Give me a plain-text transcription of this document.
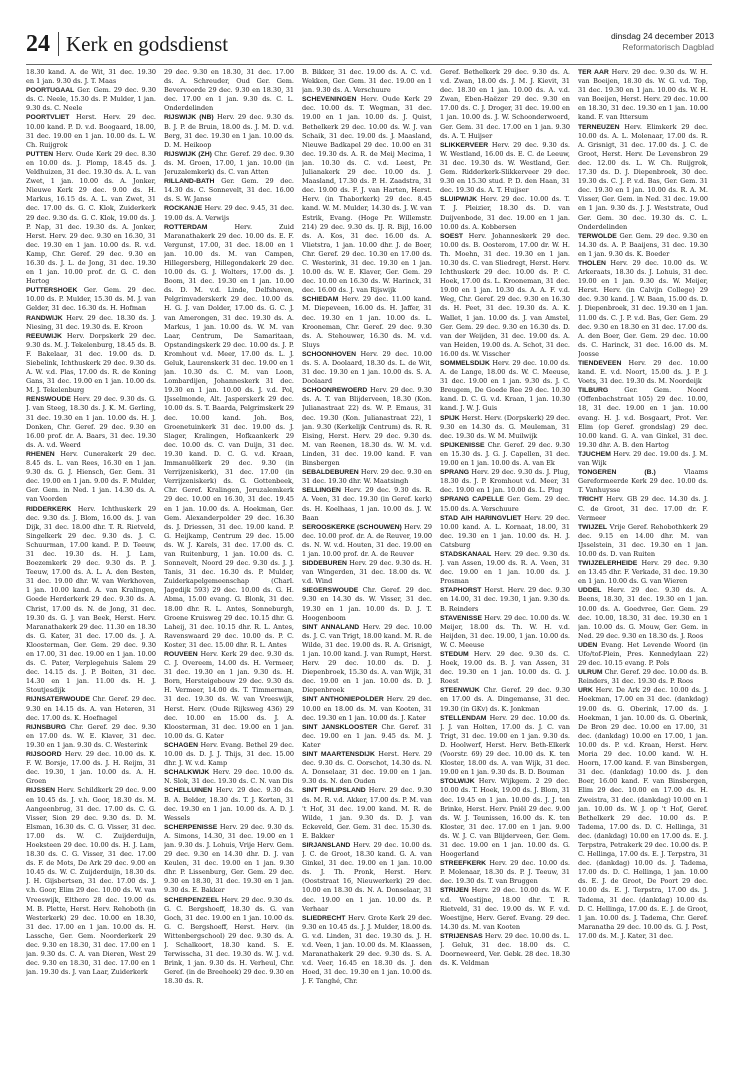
24 Kerk en godsdienst	dinsdag 24 december 2013
Reformatorisch Dagblad

18.30 kand. A. de Wit, 31 dec. 19.30 en 1 jan. 9.30 ds. J. T. Maas

POORTUGAAL Ger. Gem. 29 dec. 9.30 ds. C. Neele, 15.30 ds. P. Mulder, 1 jan. 9.30 ds. C. Neele

POORTVLIET Herst. Herv. 29 dec. 10.00 kand. P. D. v.d. Boogaard, 18.00, 31 dec. 19.00 en 1 jan. 10.00 ds. L. W. Ch. Ruijgrok

PUTTEN Herv. Oude Kerk 29 dec. 8.30 en 10.00 ds. J. Plomp, 18.45 ds. J. Veldhuizen, 31 dec. 19.30 ds. A. L. van Zwet, 1 jan. 10.00 ds. A. Jonker, Nieuwe Kerk 29 dec. 9.00 ds. H. Markus, 16.15 ds. A. L. van Zwet, 31 dec. 17.00 ds. G. C. Klok, Zuiderkerk 29 dec. 9.30 ds. G. C. Klok, 19.00 ds. J. P. Nap, 31 dec. 19.30 ds. A. Jonker, Herst. Herv. 29 dec. 9.30 en 16.30, 31 dec. 19.30 en 1 jan. 10.00 ds. R. v.d. Kamp, Chr. Geref. 29 dec. 9.30 en 16.30 ds. J. L. de Jong, 31 dec. 19.30 en 1 jan. 10.00 prof. dr. G. C. den Hertog

PUTTERSHOEK Ger. Gem. 29 dec. 10.00 ds. P. Mulder, 15.30 ds. M. J. van Gelder, 31 dec. 16.30 ds. H. Hofman

RANDWIJK Herv. 29 dec. 18.30 ds. J. Niesing, 31 dec. 19.30 ds. E. Kroon

REEUWIJK Herv. Dorpskerk 29 dec. 9.30 ds. M. J. Tekelenburg, 18.45 ds. B. F. Bakelaar, 31 dec. 19.00 ds. D. Siebelink, Ichthuskerk 29 dec. 9.30 ds. A. W. v.d. Plas, 17.00 ds. R. de Koning Gans, 31 dec. 19.00 en 1 jan. 10.00 ds. M. J. Tekelenburg

RENSWOUDE Herv. 29 dec. 9.30 ds. G. J. van Steeg, 18.30 ds. J. K. M. Gerling, 31 dec. 19.30 en 1 jan. 10.00 ds. H. J. Donken, Chr. Geref. 29 dec. 9.30 en 16.00 prof. dr. A. Baars, 31 dec. 19.30 ds. A. v.d. Weerd

RHENEN Herv. Cunerakerk 29 dec. 8.45 ds. L. van Rees, 16.30 en 1 jan. 9.30 ds. G. J. Hiensch, Ger. Gem. 31 dec. 19.00 en 1 jan. 9.00 ds. F. Mulder, Ger. Gem. in Ned. 1 jan. 14.30 ds. A. van Voorden

RIDDERKERK Herv. Ichthuskerk 29 dec. 9.30 ds. J. Blom, 16.00 ds. J. van Dijk, 31 dec. 18.00 dhr. T. R. Rietveld, Singelkerk 29 dec. 9.30 ds. J. C. Schuurman, 17.00 kand. P. D. Teeuw, 31 dec. 19.30 ds. H. J. Lam, Boezemkerk 29 dec. 9.30 ds. P. J. Teeuw, 17.00 ds. A. L. A. den Besten, 31 dec. 19.00 dhr. W. van Werkhoven, 1 jan. 10.00 kand. A. van Kralingen, Goede Herderkerk 29 dec. 9.30 ds. A. Christ, 17.00 ds. N. de Jong, 31 dec. 19.30 ds. G. J. van Beek, Herst. Herv. Maranathakerk 29 dec. 11.30 en 18.30 ds. G. Kater, 31 dec. 17.00 ds. J. A. Kloosterman, Ger. Gem. 29 dec. 9.30 en 17.00, 31 dec. 19.00 en 1 jan. 10.00 ds. C. Pater, Verplegehuis Salem 29 dec. 14.15 ds. J. P. Boiten, 31 dec. 14.30 en 1 jan. 11.00 ds. H. J. Stoutjesdijk

RIJNSATERWOUDE Chr. Geref. 29 dec. 9.30 en 14.15 ds. A. van Heteren, 31 dec. 17.00 ds. K. Hoefnagel

RIJNSBURG Chr. Geref. 29 dec. 9.30 en 17.00 ds. W. E. Klaver, 31 dec. 19.30 en 1 jan. 9.30 ds. C. Westerink

RIJSOORD Herv. 29 dec. 10.00 ds. K. F. W. Borsje, 17.00 ds. J. H. Reijm, 31 dec. 19.30, 1 jan. 10.00 ds. A. H. Groen

RIJSSEN Herv. Schildkerk 29 dec. 9.00 en 10.45 ds. J. v.h. Goor, 18.30 ds. M. Aangeenbrug, 31 dec. 17.00 ds. C. G. Visser, Sion 29 dec. 9.30 ds. D. M. Elsman, 16.30 ds. C. G. Visser, 31 dec. 17.00 ds. W. C. Zuijderduijn, Hoeksteen 29 dec. 10.00 ds. H. J. Lam, 18.30 ds. C. G. Visser, 31 dec. 17.00 ds. F. de Mots, De Ark 29 dec. 9.00 en 10.45 ds. W. C. Zuijderduijn, 18.30 ds. J. H. Gijsbertsen, 31 dec. 17.00 ds. J. v.h. Goor, Elim 29 dec. 10.00 ds. W. van Vreeswijk, Elthero 28 dec. 19.00 ds. M. B. Plette, Herst. Herv. Rehoboth (in Westerkerk) 29 dec. 10.00 en 18.30, 31 dec. 17.00 en 1 jan. 10.00 ds. H. Lassche, Ger. Gem. Noorderkerk 29 dec. 9.30 en 18.30, 31 dec. 17.00 en 1 jan. 9.30 ds. C. A. van Dieren, West 29 dec. 9.30 en 18.30, 31 dec. 17.00 en 1 jan. 19.30 ds. J. van Laar, Zuiderkerk

29 dec. 9.30 en 18.30, 31 dec. 17.00 ds. A. Schreuder, Oud Ger. Gem. Bevervoorde 29 dec. 9.30 en 18.30, 31 dec. 17.00 en 1 jan. 9.30 ds. C. L. Onderdelinden

RIJSWIJK (NB) Herv. 29 dec. 9.30 ds. B. J. P. de Bruin, 18.00 ds. J. M. D. v.d. Berg, 31 dec. 19.30 en 1 jan. 10.00 ds. D. M. Heikoop

RIJSWIJK (ZH) Chr. Geref. 29 dec. 9.30 ds. M. Groen, 17.00, 1 jan. 10.00 (in Jeruzalemkerk) ds. C. van Atten

RILLAND-BATH Ger. Gem. 29 dec. 14.30 ds. C. Sonnevelt, 31 dec. 16.00 ds. S. W. Janse

ROCKANJE Herv. 29 dec. 9.45, 31 dec. 19.00 ds. A. Verwijs

ROTTERDAM	Herv. Zuid Maranathakerk 29 dec. 10.00 ds. E. F. Vergunst, 17.00, 31 dec. 18.00 en 1 jan. 10.00 ds. M. van Campen, Hillegersberg, Hillegondakerk 29 dec. 10.00 ds. G. J. Wolters, 17.00 ds. J. Boom, 31 dec. 19.30 en 1 jan. 10.00 ds. D. M. v.d. Linde, Delfshaven, Pelgrimvaderskerk 29 dec. 10.00 ds. H. G. J. van Dolder, 17.00 ds. G. C. J. van Amerongen, 31 dec. 19.30 ds. A. Markus, 1 jan. 10.00 ds. W. M. van Laar, Centrum, De Samaritaan, Opstandingskerk 29 dec. 10.00 ds. J. P. Kromhout v.d. Meer, 17.00 ds. L. J. Geluk, Laurenskerk 31 dec. 19.00 en 1 jan. 10.30 ds. C. M. van Loon, Lombardijen, Johanneskerk 31 dec. 19.30 en 1 jan. 10.00 ds. J. v.d. Pol, IJsselmonde, Alt. Jasperskerk 29 dec. 10.00 ds. S. T. Baarda, Pelgrimskerk 29 dec. 10.00 kand. Joh. Bos, Groenetuinkerk 31 dec. 19.00 ds. J. Slager, Kralingen, Hofkaankerk 29 dec. 10.00 ds. C. van Duijn, 31 dec. 19.30 kand. D. C. G. v.d. Kraan, Immanuëlkerk 29 dec. 9.30 (in Verrijzeniskerk), 31 dec. 17.00 (in Verrijzeniskerk) ds. G. Gottenbeek, Chr. Geref. Kralingen, Jeruzalemkerk 29 dec. 10.00 en 16.30, 31 dec. 19.45 en 1 jan. 10.00 ds. A. Hoekman, Ger. Gem. Alexanderpolder 29 dec. 16.30 ds. J. Driessen, 31 dec. 19.00 kand. P. G. Heijkamp, Centrum 29 dec. 15.00 ds. W. J. Karels, 31 dec. 17.00 ds. C. van Ruitenburg, 1 jan. 10.00 ds. C. Sonnevelt, Noord 29 dec. 9.30 ds. J. J. Tanis, 31 dec. 16.30 ds. P. Mulder, Zuiderkapelgemeenschap (Charl. Jagedijk 593) 29 dec. 10.00 ds. G. H. Abma, 15.00 evang. G. Blonk, 31 dec. 18.00 dhr. R. L. Antes, Sonneburgh, Groene Kruisweg 29 dec. 10.15 dhr. G. Laheij, 31 dec. 10.15 dhr. R. L. Antes, Ravenswaard 29 dec. 10.00 ds. P. C. Koster, 31 dec. 15.00 dhr. R. L. Antes

ROUVEEN Herv. Kerk 29 dec. 9.30 ds. C. J. Overeem, 14.00 ds. H. Vermeer, 31 dec. 19.30 en 1 jan. 9.30 ds. H. Born, Hersteigebouw 29 dec. 9.30 ds. H. Vermeer, 14.00 ds. T. Timmerman, 31 dec. 19.30 ds. W. van Vreeswijk, Herst. Herv. (Oude Rijksweg 436) 29 dec. 10.00 en 15.00 ds. J. A. Kloosterman, 31 dec. 19.00 en 1 jan. 10.00 ds. G. Kater

SCHAGEN Herv. Evang. Bethel 29 dec. 10.00 ds. D. J. J. Thijs, 31 dec. 15.00 dhr. J. W. v.d. Kamp

SCHALKWIJK Herv. 29 dec. 10.00 ds. N. Slok, 31 dec. 19.30 ds. C. N. van Dis

SCHELLUINEN Herv. 29 dec. 9.30 ds. B. A. Belder, 18.30 ds. T. J. Korten, 31 dec. 19.30 en 1 jan. 10.00 ds. A. D. J. Wessels

SCHERPENISSE Herv. 29 dec. 9.30 ds. A. Simons, 14.30, 31 dec. 19.00 en 1 jan. 9.30 ds. J. Lohuis, Vrije Herv. Gem. 29 dec. 9.30 en 14.30 dhr. D. J. van Keulen, 31 dec. 19.00 en 1 jan. 9.30 dhr. P. Lissenburg, Ger. Gem. 29 dec. 9.30 en 18.30, 31 dec. 19.30 en 1 jan. 9.30 ds. E. Bakker

SCHERPENZEEL Herv. 29 dec. 9.30 ds. G. C. Bergshoeff, 18.30 ds. G. van Goch, 31 dec. 19.00 en 1 jan. 10.00 ds. G. C. Bergshoeff, Herst. Herv. (in Wittenbergschool) 29 dec. 9.30 ds. A. J. Schalkoort, 18.30 kand. S. E. Terwisscha, 31 dec. 19.30 ds. W. J. v.d. Brink, 1 jan. 9.30 ds. H. Verheul, Chr. Geref. (in de Breehoek) 29 dec. 9.30 en 18.30 ds. R.

B. Bikker, 31 dec. 19.00 ds. A. C. v.d. Wekken, Ger. Gem. 31 dec. 19.00 en 1 jan. 9.30 ds. A. Verschuure

SCHEVENINGEN Herv. Oude Kerk 29 dec. 10.00 ds. T. Wegman, 31 dec. 19.00 en 1 jan. 10.00 ds. J. Quist, Bethelkerk 29 dec. 10.00 ds. W. J. van Schaik, 31 dec. 19.00 ds. J. Maasland, Nieuwe Badkapel 29 dec. 10.00 en 31 dec. 19.30 ds. A. R. de Meij Mecima, 1 jan. 10.30 ds. C. v.d. Leest, Pr. Julianakerk 29 dec. 10.00 ds. J. Maasland, 17.30 ds. P. H. Zaadstra, 31 dec. 19.00 ds. F. J. van Harten, Herst. Herv. (in Thaborkerk) 29 dec. 8.45 kand. W. M. Mulder, 14.30 ds. J. W. van Estrik, Evang. (Hoge Pr. Willemstr. 214) 29 dec. 9.30 ds. IJ. R. Bijl, 16.00 ds. A. Kos, 31 dec. 16.00 ds. A. Vlietstra, 1 jan. 10.00 dhr. J. de Boer, Chr. Geref. 29 dec. 10.30 en 17.00 ds. C. Westerink, 31 dec. 19.30 en 1 jan. 10.00 ds. W. E. Klaver, Ger. Gem. 29 dec. 10.00 en 16.30 ds. W. Harinck, 31 dec. 16.00 ds. J. van Rijswijk

SCHIEDAM Herv. 29 dec. 11.00 kand. M. Diepeveen, 16.00 ds. H. Jaffer, 31 dec. 19.30 en 1 jan. 10.00 ds. L. Krooneman, Chr. Geref. 29 dec. 9.30 ds. A. Stehouwer, 16.30 ds. M. v.d. Sluys

SCHOONHOVEN Herv. 29 dec. 10.00 ds. S. A. Doolaard, 18.30 ds. L. de Wit, 31 dec. 19.30 en 1 jan. 10.00 ds. S. A. Doolaard

SCHOONREWOERD Herv. 29 dec. 9.30 ds. A. T. van Blijderveen, 18.30 (Kon. Julianastraat 22) ds. W. P. Emaus, 31 dec. 19.30 (Kon. Julianastraat 22), 1 jan. 9.30 (Kerkelijk Centrum) ds. R. R. Eising, Herst. Herv. 29 dec. 9.30 ds. M. van Reenen, 18.30 ds. W. M. v.d. Linden, 31 dec. 19.00 kand. F. van Binsbergen

SEBALDEBUREN Herv. 29 dec. 9.30 en 31 dec. 19.30 dhr. W. Maatsingh

SELLINGEN Herv. 29 dec. 9.30 ds. R. A. Veen, 31 dec. 19.30 (in Geref. kerk) ds. H. Koelhaas, 1 jan. 10.00 ds. J. W. Baan

SEROOSKERKE (SCHOUWEN) Herv. 29 dec. 10.00 prof. dr. A. de Reuver, 19.00 ds. N. W. v.d. Houten, 31 dec. 19.00 en 1 jan. 10.00 prof. dr. A. de Reuver

SIDDEBUREN Herv. 29 dec. 9.30 ds. H. van Wingerden, 31 dec. 18.00 ds. W. v.d. Wind

SIEGERSWOUDE Chr. Geref. 29 dec. 9.30 en 14.30 ds. W. Visser, 31 dec. 19.30 en 1 jan. 10.00 ds. D. J. T. Hoogenboom

SINT ANNALAND Herv. 29 dec. 10.00 ds. J. C. van Trigt, 18.00 kand. M. R. de Wilde, 31 dec. 19.00 ds. R. A. Grisnigt, 1 jan. 10.00 kand. J. van Rumpt, Herst. Herv. 29 dec. 10.00 ds. D. J. Diepenbroek, 15.30 ds. A. van Wijk, 31 dec. 19.00 en 1 jan. 10.00 ds. D. J. Diepenbroek

SINT ANTHONIEPOLDER Herv. 29 dec. 10.00 en 18.00 ds. M. van Kooten, 31 dec. 19.30 en 1 jan. 10.00 ds. J. Kater

SINT JANSKLOOSTER Chr. Geref. 31 dec. 19.00 en 1 jan. 9.45 ds. M. J. Kater

SINT MAARTENSDIJK Herst. Herv. 29 dec. 9.30 ds. C. Oorschot, 14.30 ds. N. A. Donselaar, 31 dec. 19.00 en 1 jan. 9.30 ds. N. den Ouden

SINT PHILIPSLAND Herv. 29 dec. 9.30 ds. M. R. v.d. Akker, 17.00 ds. P. M. van 't Hof, 31 dec. 19.00 kand. M. R. de Wilde, 1 jan. 9.30 ds. D. J. van Eckeveld, Ger. Gem. 31 dec. 15.30 ds. E. Bakker

SIRJANSLAND Herv. 29 dec. 10.00 ds. J. C. de Groot, 18.30 kand. G. A. van Ginkel, 31 dec. 19.00 en 1 jan. 10.00 ds. J. Th. Pronk, Herst. Herv. (Ooststraat 16, Nieuwerkerk) 29 dec. 10.00 en 18.30 ds. N. A. Donselaar, 31 dec. 19.00 en 1 jan. 10.00 ds. P. Verhaar

SLIEDRECHT Herv. Grote Kerk 29 dec. 9.30 en 10.45 ds. J. J. Mulder, 18.00 ds. G. v.d. Linden, 31 dec. 19.30 ds. J. H. v.d. Veen, 1 jan. 10.00 ds. M. Klaassen, Maranathakerk 29 dec. 9.30 ds. S. A. v.d. Veer, 16.45 en 18.30 ds. J. den Hoed, 31 dec. 19.30 en 1 jan. 10.00 ds. J. F. Tanghé, Chr.

Geref. Bethelkerk 29 dec. 9.30 ds. A. v.d. Zwan, 18.00 ds. J. M. J. Kievit, 31 dec. 18.30 en 1 jan. 10.00 ds. A. v.d. Zwan, Eben-Haëzer 29 dec. 9.30 en 17.00 ds. C. J. Droger, 31 dec. 19.00 en 1 jan. 10.00 ds. J. W. Schoonderwoerd, Ger. Gem. 31 dec. 17.00 en 1 jan. 9.30 ds. A. T. Huijser

SLIKKERVEER Herv. 29 dec. 9.30 ds. W. Westland, 16.00 ds. E. C. de Leeuw, 31 dec. 19.30 ds. W. Westland, Ger. Gem. Ridderkerk-Slikkerveer 29 dec. 9.30 en 15.30 stud. P. D. den Haan, 31 dec. 19.30 ds. A. T. Huijser

SLUIPWIJK Herv. 29 dec. 10.00 ds. T. T. J. Pleizier, 18.30 ds. D. van Duijvenbode, 31 dec. 19.00 en 1 jan. 10.00 ds. A. Kobbersen

SOEST Herv. Johanneskerk 29 dec. 10.00 ds. B. Oosterom, 17.00 dr. W. H. Th. Moehn, 31 dec. 19.30 en 1 jan. 10.30 ds. C. van Sliedregt, Herst. Herv. Ichthuskerk 29 dec. 10.00 ds. P. C. Hoek, 17.00 ds. L. Krooneman, 31 dec. 19.00 en 1 jan. 10.30 ds. A. A. F. v.d. Weg, Chr. Geref. 29 dec. 9.30 en 16.30 ds. H. Peet, 31 dec. 19.30 ds. A. K. Wallet, 1 jan. 10.00 ds. J. van Amstel, Ger. Gem. 29 dec. 9.30 en 16.30 ds. D. van der Weijden, 31 dec. 19.00 ds. A. van Heiden, 19.00 ds. A. Schot, 31 dec. 16.00 ds. W. Visscher

SOMMELSDIJK Herv. 29 dec. 10.00 ds. A. de Lange, 18.00 ds. W. C. Meeuse, 31 dec. 19.00 en 1 jan. 9.30 ds. J. C. Breugem, De Goede Ree 29 dec. 10.30 kand. D. C. G. v.d. Kraan, 1 jan. 10.30 kand. J. W. J. Guis

SPIJK Herst. Herv. (Dorpskerk) 29 dec. 9.30 en 14.30 ds. G. Meuleman, 31 dec. 19.30 ds. W. M. Muilwijk

SPIJKENISSE Chr. Geref. 29 dec. 9.30 en 15.30 ds. J. G. J. Capellen, 31 dec. 19.00 en 1 jan. 10.00 ds. A. van Ek

SPRANG Herv. 29 dec. 9.30 ds. J. Plug, 18.30 ds. J. P. Kromhout v.d. Meer, 31 dec. 19.00 en 1 jan. 10.00 ds. L. Plug

SPRANG CAPELLE Ger. Gem. 29 dec. 15.00 ds. A. Verschuure

STAD A/H HARINGVLIET Herv. 29 dec. 10.00 kand. A. L. Kornaat, 18.00, 31 dec. 19.30 en 1 jan. 10.00 ds. H. J. Catsburg

STADSKANAAL Herv. 29 dec. 9.30 ds. J. van Assen, 19.00 ds. R. A. Veen, 31 dec. 19.00 en 1 jan. 10.00 ds. J. Prosman

STAPHORST Herst. Herv. 29 dec. 9.30 en 14.00, 31 dec. 19.30, 1 jan. 9.30 ds. B. Reinders

STAVENISSE Herv. 29 dec. 10.00 ds. W. Meijer, 18.00 ds. Th. W. H. v.d. Heijden, 31 dec. 19.00, 1 jan. 10.00 ds. W. C. Meeuse

STEDUM Herv. 29 dec. 9.30 ds. C. Hoek, 19.00 ds. B. J. van Assen, 31 dec. 19.30 en 1 jan. 10.00 ds. G. J. Roest

STEENWIJK Chr. Geref. 29 dec. 9.30 en 17.00 ds. A. Dingemanse, 31 dec. 19.30 (in GKv) ds. K. Jonkman

STELLENDAM Herv. 29 dec. 10.00 ds. J. J. van Holten, 17.00 ds. J. C. van Trigt, 31 dec. 19.00 en 1 jan. 9.30 ds. D. Hoolwerf, Herst. Herv. Beth-Elkerk (Voorstr. 69) 29 dec. 10.00 ds. K. ten Kloster, 18.00 ds. A. van Wijk, 31 dec. 19.00 en 1 jan. 9.30 ds. B. D. Bouman

STOLWIJK Herv. Wijkgem. 2 29 dec. 10.00 ds. T. Hoek, 19.00 ds. J. Blom, 31 dec. 19.45 en 1 jan. 10.00 ds. J. J. ten Brinke, Herst. Herv. Pniël 29 dec. 9.00 ds. W. J. Teunissen, 16.00 ds. K. ten Kloster, 31 dec. 17.00 en 1 jan. 9.00 ds. W. J. C. van Blijderveen, Ger. Gem. 31 dec. 19.00 en 1 jan. 10.00 ds. G. Hoogerland

STREEFKERK Herv. 29 dec. 10.00 ds. P. Molenaar, 18.30 ds. P. J. Teeuw, 31 dec. 19.30 ds. T. van Bruggen

STRIJEN Herv. 29 dec. 10.00 ds. W. F. v.d. Woestijne, 18.00 dhr. T. R. Rietveld, 31 dec. 19.00 ds. W. F. v.d. Woestijne, Herv. Geref. Evang. 29 dec. 14.30 ds. M. van Kooten

STRIJENSAS Herv. 29 dec. 10.00 ds. L. J. Geluk, 31 dec. 18.00 ds. C. Doorneweerd, Ver. Gebk. 28 dec. 18.30 ds. K. Veldman

TER AAR Herv. 29 dec. 9.30 ds. W. H. van Boeijen, 18.30 ds. W. G. v.d. Top, 31 dec. 19.30 en 1 jan. 10.00 ds. W. H. van Boeijen, Herst. Herv. 29 dec. 10.00 en 18.30, 31 dec. 19.30 en 1 jan. 10.00 kand. F. van Ittersum

TERNEUZEN Herv. Elimkerk 29 dec. 10.00 ds. A. L. Molenaar, 17.00 ds. R. A. Grisnigt, 31 dec. 17.00 ds. J. C. de Groot, Herst. Herv. De Levensbron 29 dec. 12.00 ds. L. W. Ch. Ruijgrok, 17.30 ds. D. J. Diepenbroek, 30 dec. 19.30 ds. C. J. P. v.d. Bas, Ger. Gem. 31 dec. 19.30 en 1 jan. 10.00 ds. R. A. M. Visser, Ger. Gem. in Ned. 31 dec. 19.00 en 1 jan. 9.30 ds. J. J. Weststrate, Oud Ger. Gem. 30 dec. 19.30 ds. C. L. Onderdelinden

TERWOLDE Ger. Gem. 29 dec. 9.30 en 14.30 ds. A. P. Baaijens, 31 dec. 19.30 en 1 jan. 9.30 ds. K. Boeder

THOLEN Herv. 29 dec. 10.00 ds. W. Arkeraats, 18.30 ds. J. Lohuis, 31 dec. 19.00 en 1 jan. 9.30 ds. W. Meijer, Herst. Herv. (in Calvijn College) 29 dec. 9.30 kand. J. W. Baan, 15.00 ds. D. J. Diepenbroek, 31 dec. 19.30 en 1 jan. 11.00 ds. C. J. P. v.d. Bas, Ger. Gem. 29 dec. 9.30 en 18.30 en 31 dec. 17.00 ds. A. den Boer, Ger. Gem. 29 dec. 10.00 ds. C. Harinck, 31 dec. 16.00 ds. M. Joosse

TIENDEVEEN Herv. 29 dec. 10.00 kand. E. v.d. Noort, 15.00 ds. J. P. J. Voets, 31 dec. 19.30 ds. M. Noordeijk

TILBURG Ger. Gem. Noord (Offenbachstraat 105) 29 dec. 10.00, 18, 31 dec. 19.00 en 1 jan. 10.00 evang. H. J. v.d. Bosgaart, Prot. Ver. Elim (op Geref. grondslag) 29 dec. 10.00 kand. G. A. van Ginkel, 31 dec. 19.30 dhr. A. B. den Hartog

TJUCHEM Herv. 29 dec. 19.00 ds. J. M. van Wijk

TONGEREN (B.)	Vlaams Gereformeerde Kerk 29 dec. 10.00 ds. T. Vanhuysse

TRICHT Herv. GB 29 dec. 14.30 ds. J. C. de Groot, 31 dec. 17.00 dr. F. Vermeer

TWIJZEL Vrije Geref. Rehobothkerk 29 dec. 9.15 en 14.00 dhr. M. van IJsselstein, 31 dec. 19.30 en 1 jan. 10.00 ds. D. van Ruiten

TWIJZELERHEIDE Herv. 29 dec. 9.30 en 13.45 dhr. F. Verkade, 31 dec. 19.30 en 1 jan. 10.00 ds. G. van Wieren

UDDEL Herv. 29 dec. 9.30 ds. A. Beens, 18.30, 31 dec. 19.30 en 1 jan. 10.00 ds. A. Goedvree, Ger. Gem. 29 dec. 10.00, 18.30, 31 dec. 19.30 en 1 jan. 10.00 ds. G. Mouw, Ger. Gem. in Ned. 29 dec. 9.30 en 18.30 ds. J. Roos

UDEN Evang. Het Levende Woord (in Ufo/tof-Plein, Pres. Kennedylaan 22) 29 dec. 10.15 evang. P. Pols

ULRUM Chr. Geref. 29 dec. 10.00 ds. B. Reinders, 31 dec. 19.30 ds. P. Roos

URK Herv. De Ark 29 dec. 10.00 ds. J. Hoekman, 17.00 en 31 dec. (dankdag) 19.00 ds. G. Oberink, 17.00 ds. J. Hoekman, 1 jan. 10.00 ds. G. Oberink, De Bron 29 dec. 10.00 en 17.00, 31 dec. (dankdag) 10.00 en 17.00, 1 jan. 10.00 ds. P. v.d. Kraan, Herst. Herv. Moria 29 dec. 10.00 kand. W. H. Hoorn, 17.00 kand. F. van Binsbergen, 31 dec. (dankdag) 10.00 ds. J. den Boer, 16.00 kand. F. van Binsbergen, Elim 29 dec. 10.00 en 17.00 ds. H. Zweistra, 31 dec. (dankdag) 10.00 en 1 jan. 10.00 ds. W. J. op 't Hof, Geref. Bethelkerk 29 dec. 10.00 ds. P. Tadema, 17.00 ds. D. C. Hellinga, 31 dec. (dankdag) 10.00 en 17.00 ds. E. J. Terpstra, Petrakerk 29 dec. 10.00 ds. P. C. Hellinga, 17.00 ds. E. J. Terpstra, 31 dec. (dankdag) 10.00 ds. J. Tadema, 17.00 ds. D. C. Hellinga, 1 jan. 10.00 ds. E. J. de Groot, De Poort 29 dec. 10.00 ds. E. J. Terpstra, 17.00 ds. J. Tadema, 31 dec. (dankdag) 10.00 ds. D. C. Hellinga, 17.00 ds. E. J. de Groot, 1 jan. 10.00 ds. J. Tadema, Chr. Geref. Maranatha 29 dec. 10.00 ds. G. J. Post, 17.00 ds. M. J. Kater, 31 dec.
